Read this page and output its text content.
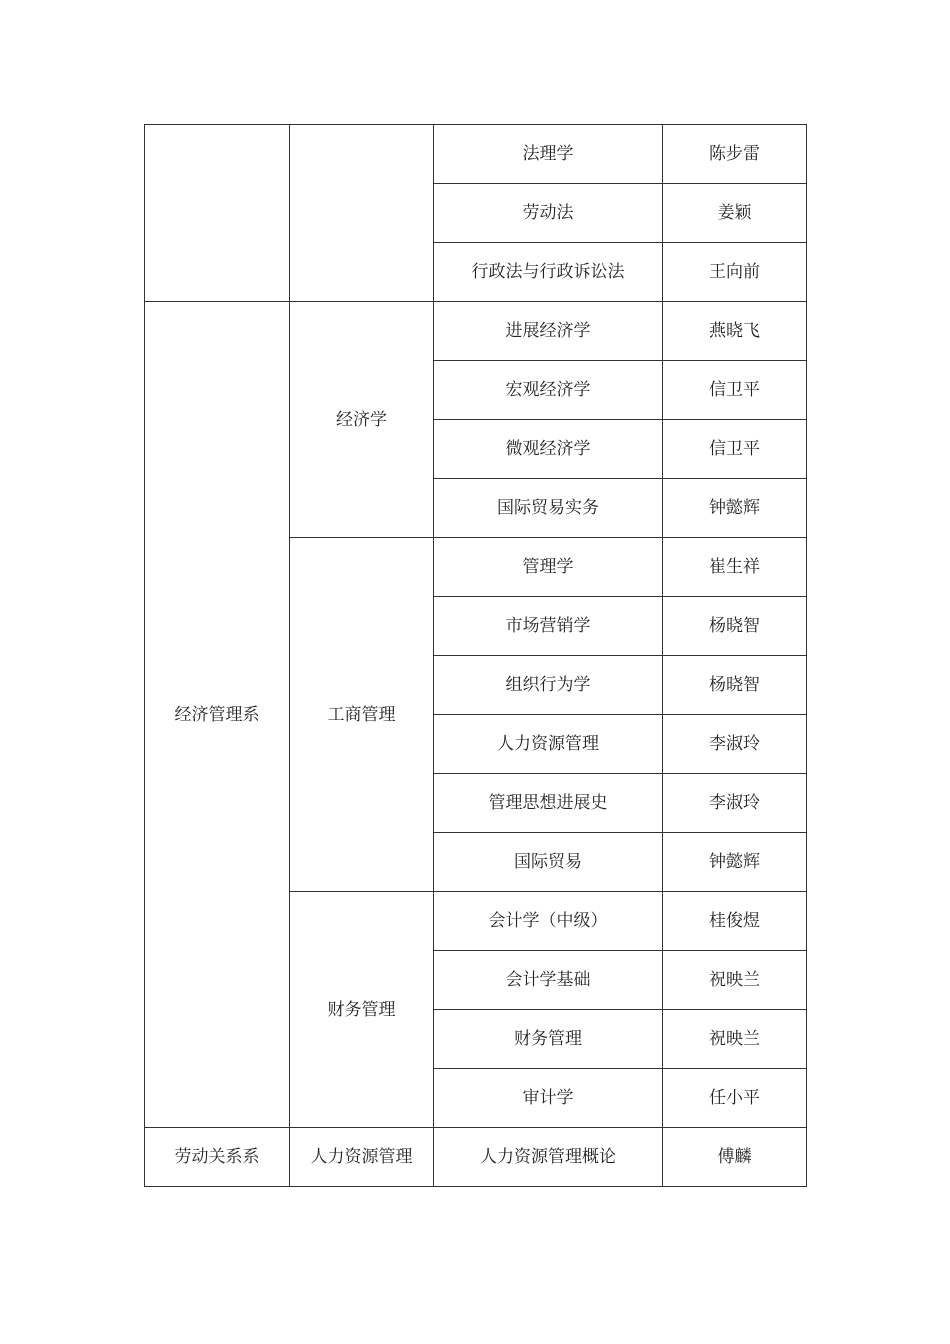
		法理学	陈步雷
		劳动法	姜颖
		行政法与行政诉讼法	王向前
经济管理系	经济学	进展经济学	燕晓飞
		宏观经济学	信卫平
		微观经济学	信卫平
		国际贸易实务	钟懿辉
	工商管理	管理学	崔生祥
		市场营销学	杨晓智
		组织行为学	杨晓智
		人力资源管理	李淑玲
		管理思想进展史	李淑玲
		国际贸易	钟懿辉
	财务管理	会计学（中级）	桂俊煜
		会计学基础	祝映兰
		财务管理	祝映兰
		审计学	任小平
劳动关系系	人力资源管理	人力资源管理概论	傅麟
